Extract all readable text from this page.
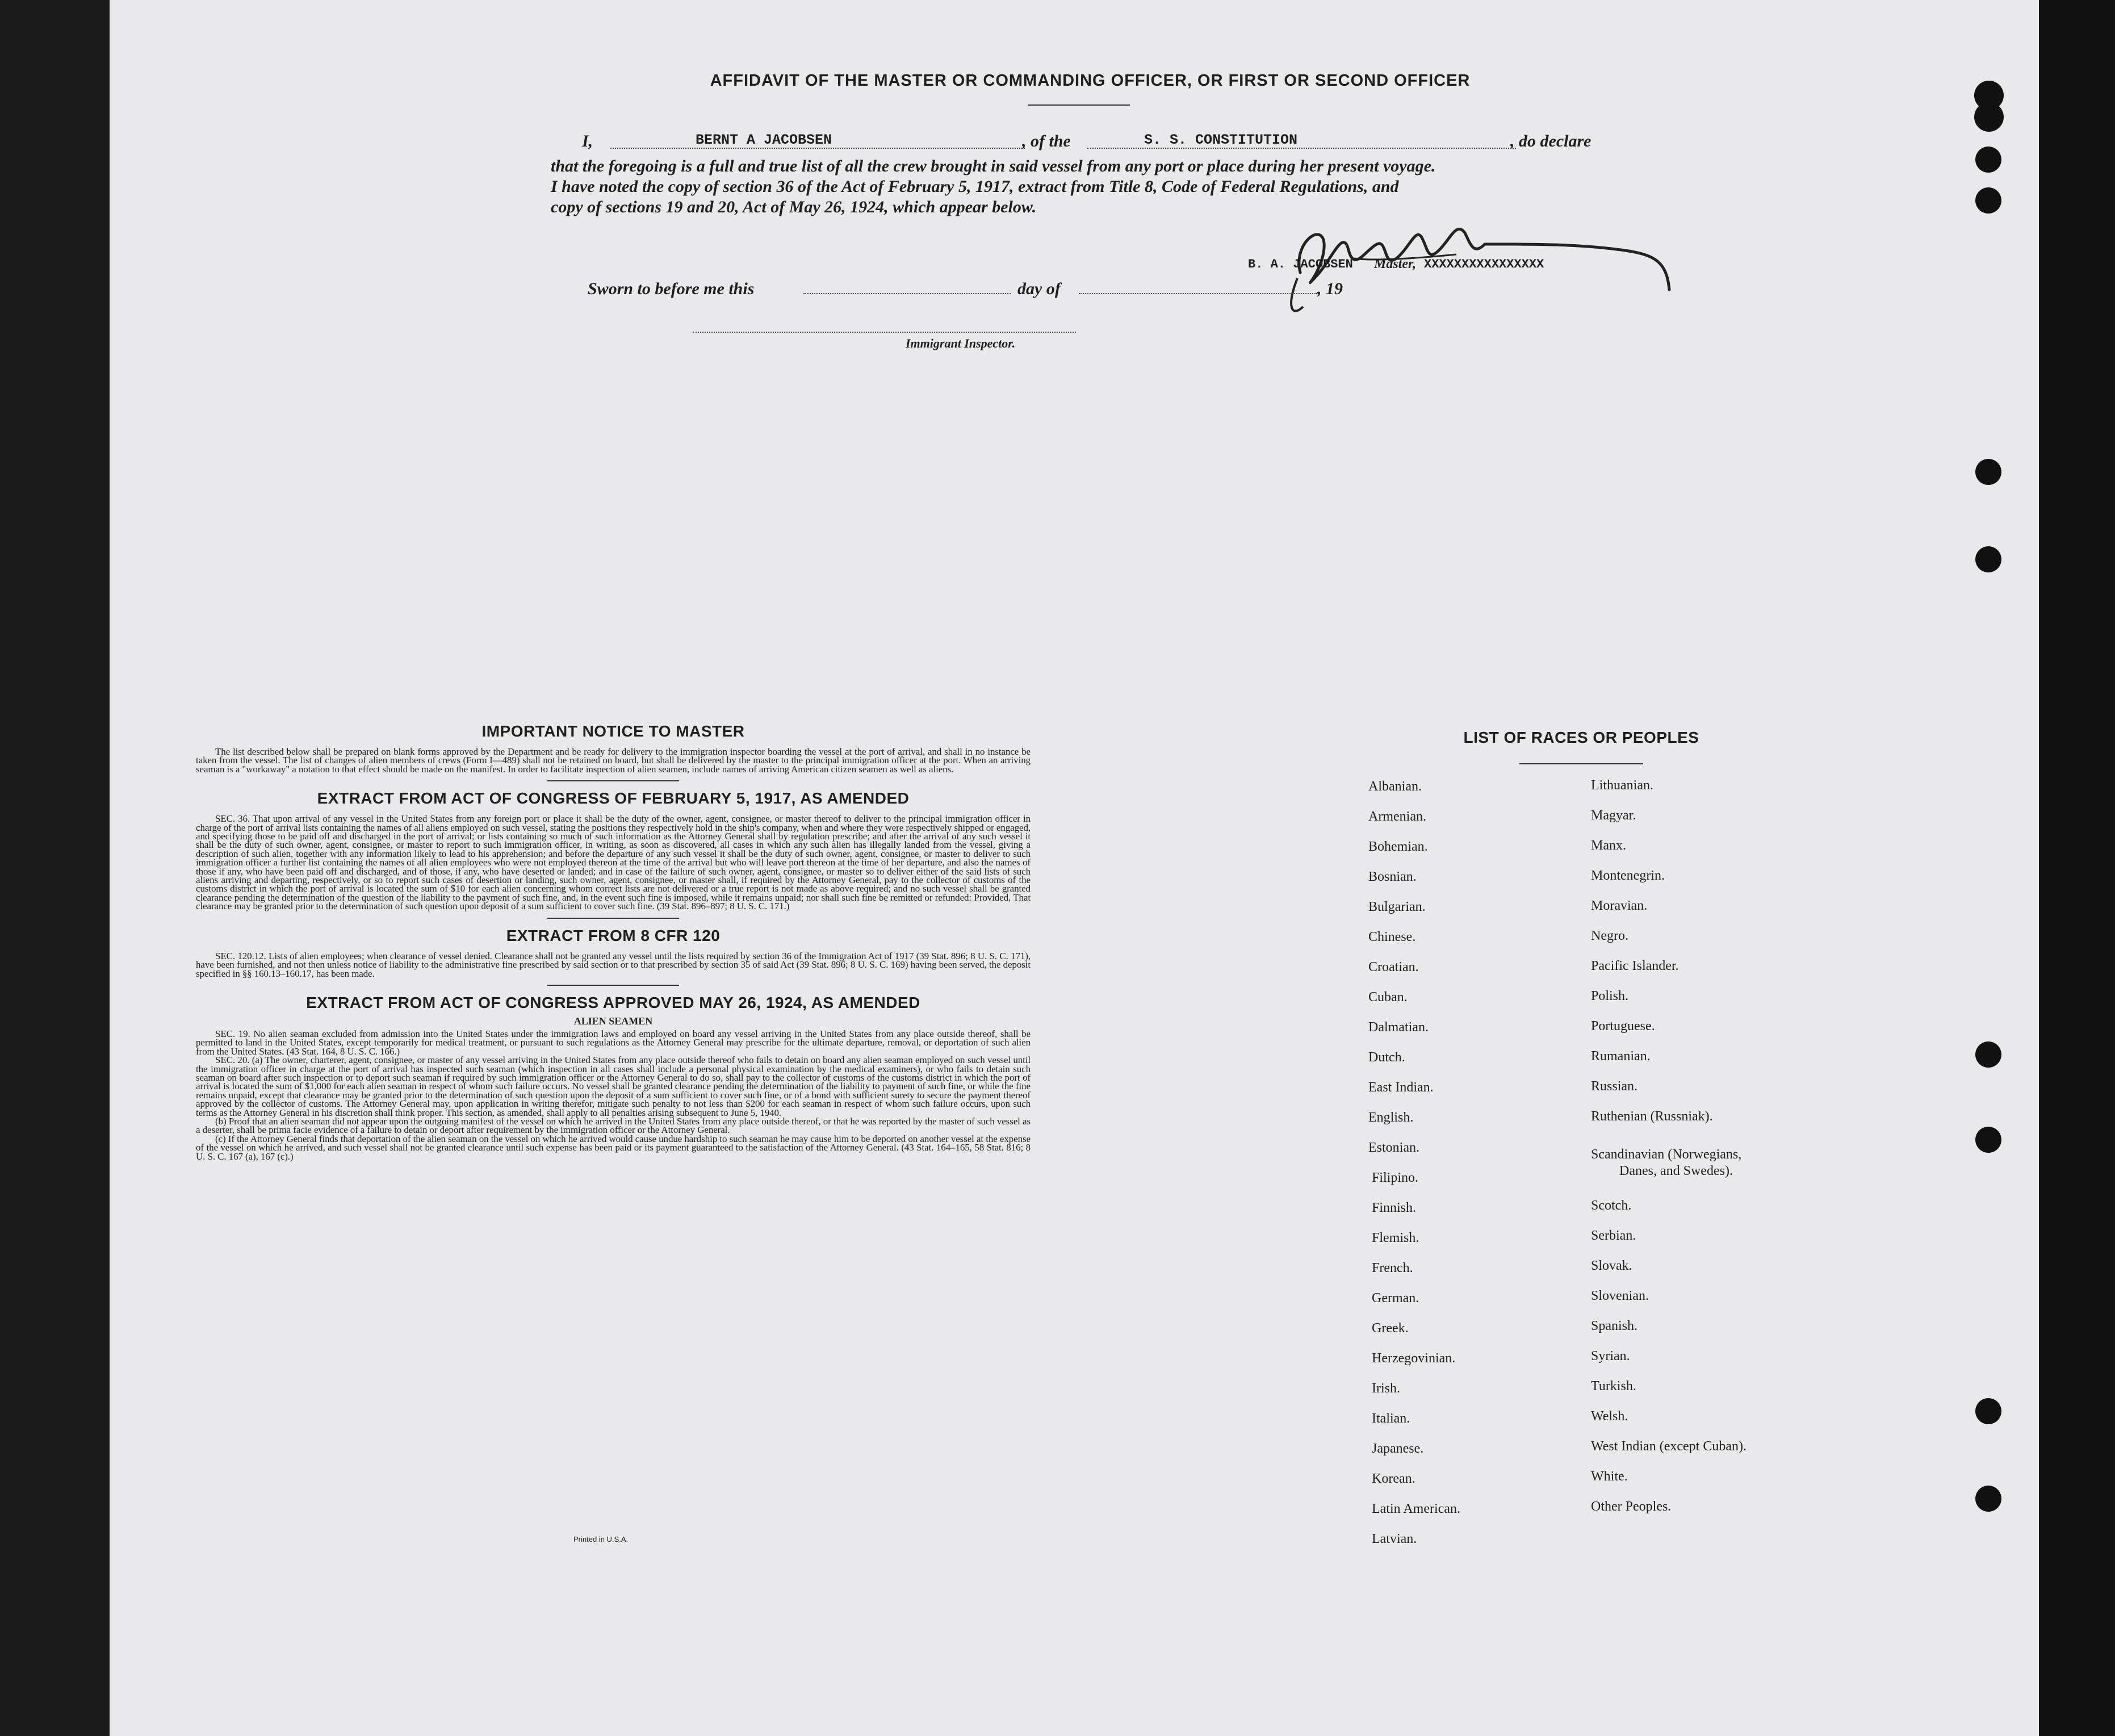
AFFIDAVIT OF THE MASTER OR COMMANDING OFFICER, OR FIRST OR SECOND OFFICER
I,	BERNT A JACOBSEN	, of the	S. S. CONSTITUTION	, do declare
that the foregoing is a full and true list of all the crew brought in said vessel from any port or place during her present voyage.
I have noted the copy of section 36 of the Act of February 5, 1917, extract from Title 8, Code of Federal Regulations, and
copy of sections 19 and 20, Act of May 26, 1924, which appear below.
B. A. JACOBSEN Master, XXXXXXXXXXXXXXXX
Sworn to before me this	day of	, 19
Immigrant Inspector.

IMPORTANT NOTICE TO MASTER

The list described below shall be prepared on blank forms approved by the Department and be ready for delivery to the immigration inspector boarding the vessel at the port of arrival, and shall in no instance be taken from the vessel. The list of changes of alien members of crews (Form I—489) shall not be retained on board, but shall be delivered by the master to the principal immigration officer at the port. When an arriving seaman is a "workaway" a notation to that effect should be made on the manifest. In order to facilitate inspection of alien seamen, include names of arriving American citizen seamen as well as aliens.

EXTRACT FROM ACT OF CONGRESS OF FEBRUARY 5, 1917, AS AMENDED

SEC. 36. That upon arrival of any vessel in the United States from any foreign port or place it shall be the duty of the owner, agent, consignee, or master thereof to deliver to the principal immigration officer in charge of the port of arrival lists containing the names of all aliens employed on such vessel, stating the positions they respectively hold in the ship's company, when and where they were respectively shipped or engaged, and specifying those to be paid off and discharged in the port of arrival; or lists containing so much of such information as the Attorney General shall by regulation prescribe; and after the arrival of any such vessel it shall be the duty of such owner, agent, consignee, or master to report to such immigration officer, in writing, as soon as discovered, all cases in which any such alien has illegally landed from the vessel, giving a description of such alien, together with any information likely to lead to his apprehension; and before the departure of any such vessel it shall be the duty of such owner, agent, consignee, or master to deliver to such immigration officer a further list containing the names of all alien employees who were not employed thereon at the time of the arrival but who will leave port thereon at the time of her departure, and also the names of those if any, who have been paid off and discharged, and of those, if any, who have deserted or landed; and in case of the failure of such owner, agent, consignee, or master so to deliver either of the said lists of such aliens arriving and departing, respectively, or so to report such cases of desertion or landing, such owner, agent, consignee, or master shall, if required by the Attorney General, pay to the collector of customs of the customs district in which the port of arrival is located the sum of $10 for each alien concerning whom correct lists are not delivered or a true report is not made as above required; and no such vessel shall be granted clearance pending the determination of the question of the liability to the payment of such fine, and, in the event such fine is imposed, while it remains unpaid; nor shall such fine be remitted or refunded: Provided, That clearance may be granted prior to the determination of such question upon deposit of a sum sufficient to cover such fine. (39 Stat. 896–897; 8 U. S. C. 171.)

EXTRACT FROM 8 CFR 120

SEC. 120.12. Lists of alien employees; when clearance of vessel denied. Clearance shall not be granted any vessel until the lists required by section 36 of the Immigration Act of 1917 (39 Stat. 896; 8 U. S. C. 171), have been furnished, and not then unless notice of liability to the administrative fine prescribed by said section or to that prescribed by section 35 of said Act (39 Stat. 896; 8 U. S. C. 169) having been served, the deposit specified in §§ 160.13–160.17, has been made.

EXTRACT FROM ACT OF CONGRESS APPROVED MAY 26, 1924, AS AMENDED

ALIEN SEAMEN

SEC. 19. No alien seaman excluded from admission into the United States under the immigration laws and employed on board any vessel arriving in the United States from any place outside thereof, shall be permitted to land in the United States, except temporarily for medical treatment, or pursuant to such regulations as the Attorney General may prescribe for the ultimate departure, removal, or deportation of such alien from the United States. (43 Stat. 164, 8 U. S. C. 166.)

SEC. 20. (a) The owner, charterer, agent, consignee, or master of any vessel arriving in the United States from any place outside thereof who fails to detain on board any alien seaman employed on such vessel until the immigration officer in charge at the port of arrival has inspected such seaman (which inspection in all cases shall include a personal physical examination by the medical examiners), or who fails to detain such seaman on board after such inspection or to deport such seaman if required by such immigration officer or the Attorney General to do so, shall pay to the collector of customs of the customs district in which the port of arrival is located the sum of $1,000 for each alien seaman in respect of whom such failure occurs. No vessel shall be granted clearance pending the determination of the liability to payment of such fine, or while the fine remains unpaid, except that clearance may be granted prior to the determination of such question upon the deposit of a sum sufficient to cover such fine, or of a bond with sufficient surety to secure the payment thereof approved by the collector of customs. The Attorney General may, upon application in writing therefor, mitigate such penalty to not less than $200 for each seaman in respect of whom such failure occurs, upon such terms as the Attorney General in his discretion shall think proper. This section, as amended, shall apply to all penalties arising subsequent to June 5, 1940.

(b) Proof that an alien seaman did not appear upon the outgoing manifest of the vessel on which he arrived in the United States from any place outside thereof, or that he was reported by the master of such vessel as a deserter, shall be prima facie evidence of a failure to detain or deport after requirement by the immigration officer or the Attorney General.

(c) If the Attorney General finds that deportation of the alien seaman on the vessel on which he arrived would cause undue hardship to such seaman he may cause him to be deported on another vessel at the expense of the vessel on which he arrived, and such vessel shall not be granted clearance until such expense has been paid or its payment guaranteed to the satisfaction of the Attorney General. (43 Stat. 164–165, 58 Stat. 816; 8 U. S. C. 167 (a), 167 (c).)

Printed in U.S.A.
LIST OF RACES OR PEOPLES
Albanian.
Armenian.
Bohemian.
Bosnian.
Bulgarian.
Chinese.
Croatian.
Cuban.
Dalmatian.
Dutch.
East Indian.
English.
Estonian.
Filipino.
Finnish.
Flemish.
French.
German.
Greek.
Herzegovinian.
Irish.
Italian.
Japanese.
Korean.
Latin American.
Latvian.
Lithuanian.
Magyar.
Manx.
Montenegrin.
Moravian.
Negro.
Pacific Islander.
Polish.
Portuguese.
Rumanian.
Russian.
Ruthenian (Russniak).
Scandinavian (Norwegians,
Danes, and Swedes).
Scotch.
Serbian.
Slovak.
Slovenian.
Spanish.
Syrian.
Turkish.
Welsh.
West Indian (except Cuban).
White.
Other Peoples.
